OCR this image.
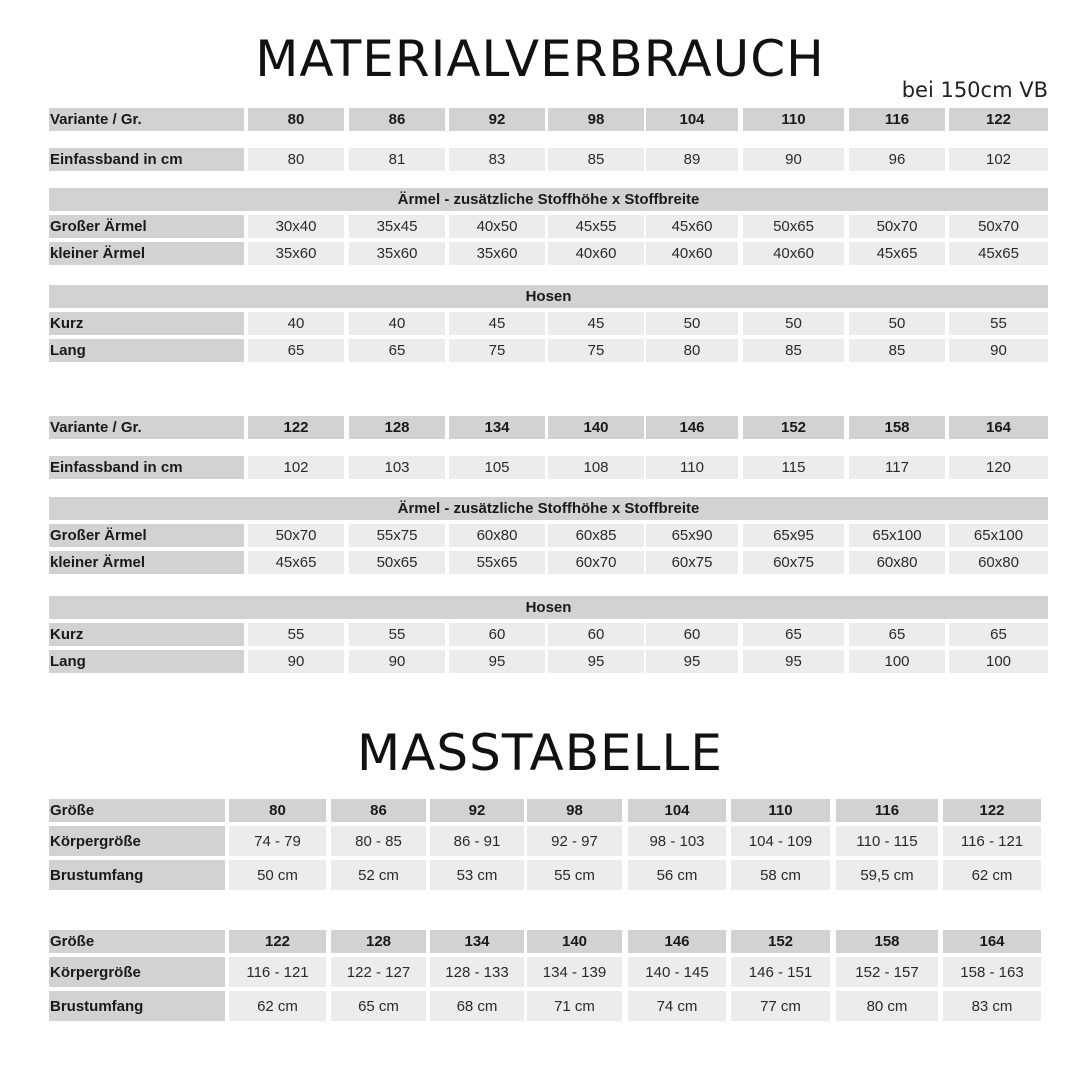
MATERIALVERBRAUCH
bei 150cm VB
MASSTABELLE
Variante / Gr.	80	86	92	98	104	110	116	122
Einfassband in cm	80	81	83	85	89	90	96	102
Ärmel - zusätzliche Stoffhöhe x Stoffbreite
Großer Ärmel	30x40	35x45	40x50	45x55	45x60	50x65	50x70	50x70
kleiner Ärmel	35x60	35x60	35x60	40x60	40x60	40x60	45x65	45x65
Hosen
Kurz	40	40	45	45	50	50	50	55
Lang	65	65	75	75	80	85	85	90
Variante / Gr.	122	128	134	140	146	152	158	164
Einfassband in cm	102	103	105	108	110	115	117	120
Ärmel - zusätzliche Stoffhöhe x Stoffbreite
Großer Ärmel	50x70	55x75	60x80	60x85	65x90	65x95	65x100	65x100
kleiner Ärmel	45x65	50x65	55x65	60x70	60x75	60x75	60x80	60x80
Hosen
Kurz	55	55	60	60	60	65	65	65
Lang	90	90	95	95	95	95	100	100
Größe	80	86	92	98	104	110	116	122
Körpergröße	74 - 79	80 - 85	86 - 91	92 - 97	98 - 103	104 - 109	110 - 115	116 - 121
Brustumfang	50 cm	52 cm	53 cm	55 cm	56 cm	58 cm	59,5 cm	62 cm
Größe	122	128	134	140	146	152	158	164
Körpergröße	116 - 121	122 - 127	128 - 133	134 - 139	140 - 145	146 - 151	152 - 157	158 - 163
Brustumfang	62 cm	65 cm	68 cm	71 cm	74 cm	77 cm	80 cm	83 cm
